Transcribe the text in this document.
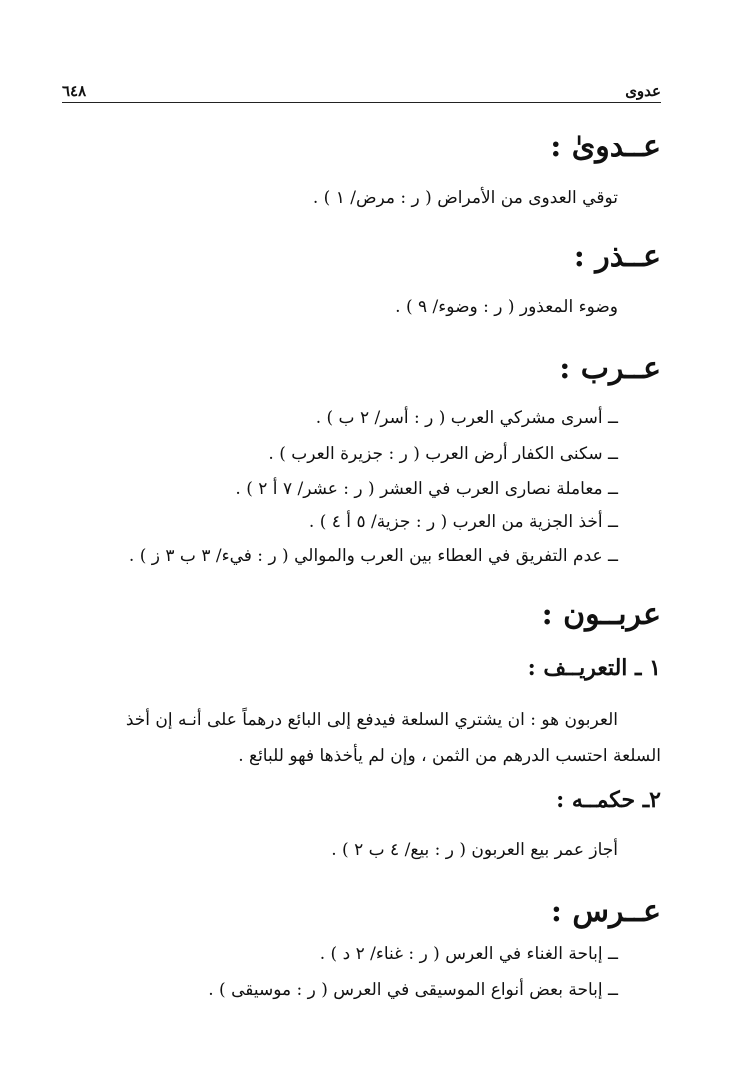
عدوى
٦٤٨
عــدوىٰ :
توقي العدوى من الأمراض ( ر : مرض/ ١ ) .
عــذر :
وضوء المعذور ( ر : وضوء/ ٩ ) .
عــرب :
ــ أسرى مشركي العرب ( ر : أسر/ ٢ ب ) .
ــ سكنى الكفار أرض العرب ( ر : جزيرة العرب ) .
ــ معاملة نصارى العرب في العشر ( ر : عشر/ ٧ أ ٢ ) .
ــ أخذ الجزية من العرب ( ر : جزية/ ٥ أ ٤ ) .
ــ عدم التفريق في العطاء بين العرب والموالي ( ر : فيء/ ٣ ب ٣ ز ) .
عربــون :
١ ـ التعريــف :
العربون هو : ان يشتري السلعة فيدفع إلى البائع درهماً على أنـه إن أخذ
السلعة احتسب الدرهم من الثمن ، وإن لم يأخذها فهو للبائع .
٢ـ حكمــه :
أجاز عمر بيع العربون ( ر : بيع/ ٤ ب ٢ ) .
عــرس :
ــ إباحة الغناء في العرس ( ر : غناء/ ٢ د ) .
ــ إباحة بعض أنواع الموسيقى في العرس ( ر : موسيقى ) .
